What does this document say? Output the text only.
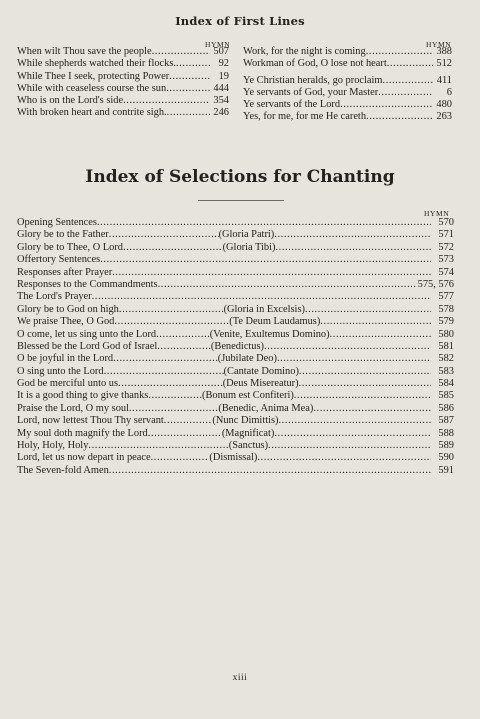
Index of First Lines
HYMN	HYMN
When wilt Thou save the people .....	507
While shepherds watched their flocks. .....	92
While Thee I seek, protecting Power .....	19
While with ceaseless course the sun .....	444
Who is on the Lord's side .....	354
With broken heart and contrite sigh. .....	246
Work, for the night is coming .....	388
Workman of God, O lose not heart .....	512
Ye Christian heralds, go proclaim .....	411
Ye servants of God, your Master .....	6
Ye servants of the Lord .....	480
Yes, for me, for me He careth .....	263
Index of Selections for Chanting
HYMN
Opening Sentences .....	570
Glory be to the Father .....	(Gloria Patri) .....	571
Glory be to Thee, O Lord .....	(Gloria Tibi) .....	572
Offertory Sentences .....	573
Responses after Prayer .....	574
Responses to the Commandments .....	575, 576
The Lord's Prayer .....	577
Glory be to God on high .....	(Gloria in Excelsis) .....	578
We praise Thee, O God .....	(Te Deum Laudamus) .....	579
O come, let us sing unto the Lord .....	(Venite, Exultemus Domino) .....	580
Blessed be the Lord God of Israel .....	(Benedictus) .....	581
O be joyful in the Lord .....	(Jubilate Deo) .....	582
O sing unto the Lord .....	(Cantate Domino) .....	583
God be merciful unto us .....	(Deus Misereatur) .....	584
It is a good thing to give thanks .....	(Bonum est Confiteri) .....	585
Praise the Lord, O my soul .....	(Benedic, Anima Mea) .....	586
Lord, now lettest Thou Thy servant .....	(Nunc Dimittis) .....	587
My soul doth magnify the Lord .....	(Magnificat) .....	588
Holy, Holy, Holy .....	(Sanctus) .....	589
Lord, let us now depart in peace .....	(Dismissal) .....	590
The Seven-fold Amen .....	591
xiii
